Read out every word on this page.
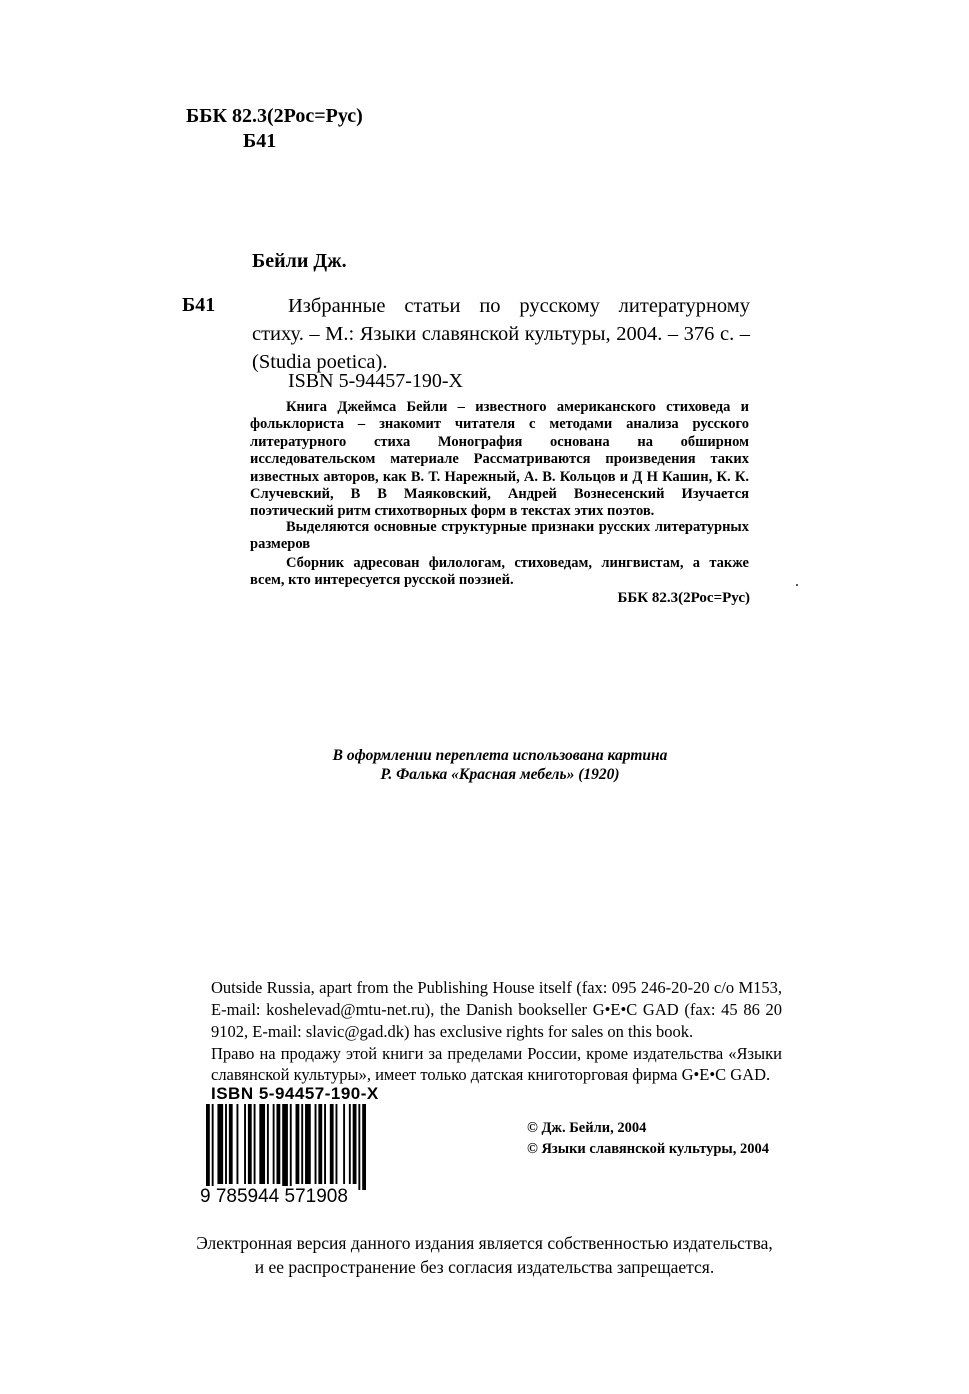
ББК 82.3(2Рос=Рус)
Б41
Бейли Дж.
Б41	Избранные статьи по русскому литературному стиху. – М.: Языки славянской культуры, 2004. – 376 с. – (Studia poetica).
ISBN 5-94457-190-X
Книга Джеймса Бейли – известного американского стиховеда и фольклориста – знакомит читателя с методами анализа русского литературного стиха Монография основана на обширном исследовательском материале Рассматриваются произведения таких известных авторов, как В. Т. Нарежный, А. В. Кольцов и Д Н Кашин, К. К. Случевский, В В Маяковский, Андрей Вознесенский Изучается поэтический ритм стихотворных форм в текстах этих поэтов.
Выделяются основные структурные признаки русских литературных размеров
Сборник адресован филологам, стиховедам, лингвистам, а также всем, кто интересуется русской поэзией.
ББК 82.3(2Рос=Рус)
В оформлении переплета использована картина
Р. Фалька «Красная мебель» (1920)
Outside Russia, apart from the Publishing House itself (fax: 095 246-20-20 c/o M153, E-mail: koshelevad@mtu-net.ru), the Danish bookseller G•E•C GAD (fax: 45 86 20 9102, E-mail: slavic@gad.dk) has exclusive rights for sales on this book.
Право на продажу этой книги за пределами России, кроме издательства «Языки славянской культуры», имеет только датская книготорговая фирма G•E•C GAD.
ISBN 5-94457-190-X
9 785944 571908
© Дж. Бейли, 2004
© Языки славянской культуры, 2004
Электронная версия данного издания является собственностью издательства,
и ее распространение без согласия издательства запрещается.
